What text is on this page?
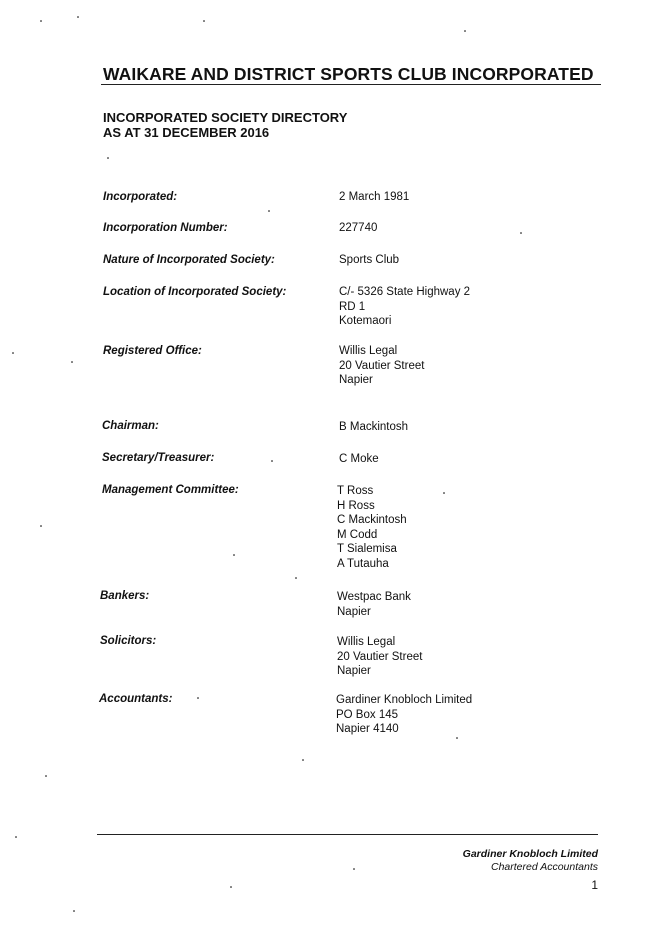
WAIKARE AND DISTRICT SPORTS CLUB INCORPORATED
INCORPORATED SOCIETY DIRECTORY
AS AT 31 DECEMBER 2016
Incorporated:	2 March 1981
Incorporation Number:	227740
Nature of Incorporated Society:	Sports Club
Location of Incorporated Society:	C/- 5326 State Highway 2
RD 1
Kotemaori
Registered Office:	Willis Legal
20 Vautier Street
Napier
Chairman:	B Mackintosh
Secretary/Treasurer:	C Moke
Management Committee:	T Ross
H Ross
C Mackintosh
M Codd
T Sialemisa
A Tutauha
Bankers:	Westpac Bank
Napier
Solicitors:	Willis Legal
20 Vautier Street
Napier
Accountants:	Gardiner Knobloch Limited
PO Box 145
Napier 4140
Gardiner Knobloch Limited
Chartered Accountants
1
